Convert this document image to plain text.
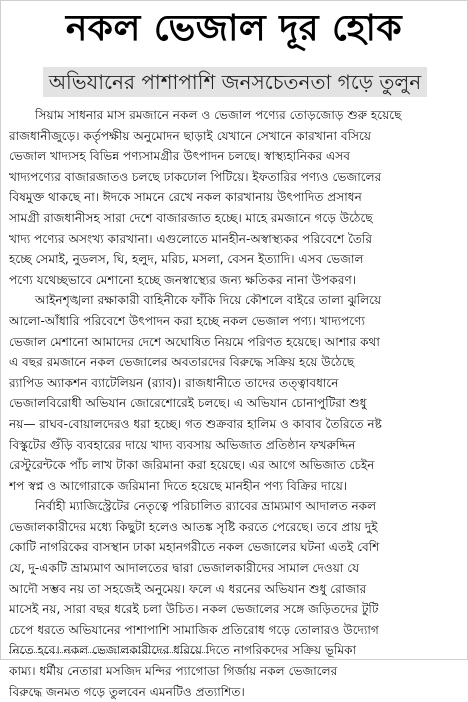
নকল ভেজাল দূর হোক
অভিযানের পাশাপাশি জনসচেতনতা গড়ে তুলুন
সিয়াম সাধনার মাস রমজানে নকল ও ভেজাল পণ্যের তোড়জোড় শুরু হয়েছে
রাজধানীজুড়ে। কর্তৃপক্ষীয় অনুমোদন ছাড়াই যেখানে সেখানে কারখানা বসিয়ে
ভেজাল খাদ্যসহ বিভিন্ন পণ্যসামগ্রীর উৎপাদন চলছে। স্বাস্থ্যহানিকর এসব
খাদ্যপণ্যের বাজারজাতও চলছে ঢাকঢোল পিটিয়ে। ইফতারির পণ্যও ভেজালের
বিষমুক্ত থাকছে না। ঈদকে সামনে রেখে নকল কারখানায় উৎপাদিত প্রসাধন
সামগ্রী রাজধানীসহ সারা দেশে বাজারজাত হচ্ছে। মাহে রমজানে গড়ে উঠেছে
খাদ্য পণ্যের অসংখ্য কারখানা। এগুলোতে মানহীন-অস্বাস্থ্যকর পরিবেশে তৈরি
হচ্ছে সেমাই, নুডলস, ঘি, হলুদ, মরিচ, মসলা, বেসন ইত্যাদি। এসব ভেজাল
পণ্যে যথেচ্ছভাবে মেশানো হচ্ছে জনস্বাস্থ্যের জন্য ক্ষতিকর নানা উপকরণ।
আইনশৃঙ্খলা রক্ষাকারী বাহিনীকে ফাঁকি দিয়ে কৌশলে বাইরে তালা ঝুলিয়ে
আলো-আঁধারি পরিবেশে উৎপাদন করা হচ্ছে নকল ভেজাল পণ্য। খাদ্যপণ্যে
ভেজাল মেশানো আমাদের দেশে অঘোষিত নিয়মে পরিণত হয়েছে। আশার কথা
এ বছর রমজানে নকল ভেজালের অবতারদের বিরুদ্ধে সক্রিয় হয়ে উঠেছে
র‌্যাপিড অ্যাকশন ব্যাটেলিয়ন (র‌্যাব)। রাজধানীতে তাদের তত্ত্বাবধানে
ভেজালবিরোধী অভিযান জোরেশোরেই চলছে। এ অভিযান চোনাপুটিরা শুধু
নয়— রাঘব-বোয়ালদেরও ধরা হচ্ছে। গত শুক্রবার হালিম ও কাবাব তৈরিতে নষ্ট
বিস্কুটের গুঁড়ি ব্যবহারের দায়ে খাদ্য ব্যবসায় অভিজাত প্রতিষ্ঠান ফখরুদ্দিন
রেস্টুরেন্টকে পাঁচ লাখ টাকা জরিমানা করা হয়েছে। এর আগে অভিজাত চেইন
শপ স্বপ্ন ও আগোরাকে জরিমানা দিতে হয়েছে মানহীন পণ্য বিক্রির দায়ে।
নির্বাহী ম্যাজিস্ট্রেটের নেতৃত্বে পরিচালিত র‌্যাবের ভ্রাম্যমাণ আদালত নকল
ভেজালকারীদের মধ্যে কিছুটা হলেও আতঙ্ক সৃষ্টি করতে পেরেছে। তবে প্রায় দুই
কোটি নাগরিকের বাসস্থান ঢাকা মহানগরীতে নকল ভেজালের ঘটনা এতই বেশি
যে, দু-একটি ভ্রাম্যমাণ আদালতের দ্বারা ভেজালকারীদের সামাল দেওয়া যে
আদৌ সম্ভব নয় তা সহজেই অনুমেয়। ফলে এ ধরনের অভিযান শুধু রোজার
মাসেই নয়, সারা বছর ধরেই চলা উচিত। নকল ভেজালের সঙ্গে জড়িতদের টুটি
চেপে ধরতে অভিযানের পাশাপাশি সামাজিক প্রতিরোধ গড়ে তোলারও উদ্যোগ
নিতে হবে। নকল ভেজালকারীদের ধরিয়ে দিতে নাগরিকদের সক্রিয় ভূমিকা
কাম্য। ধর্মীয় নেতারা মসজিদ মন্দির প্যাগোডা গির্জায় নকল ভেজালের
বিরুদ্ধে জনমত গড়ে তুলবেন এমনটিও প্রত্যাশিত।
